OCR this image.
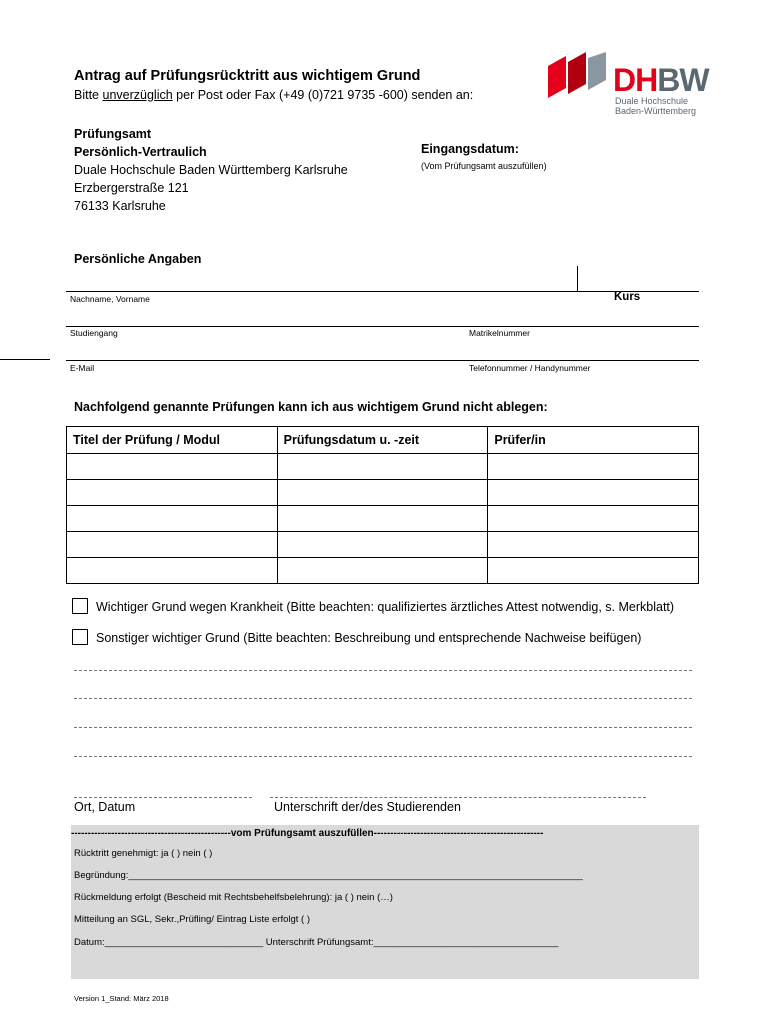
Antrag auf Prüfungsrücktritt aus wichtigem Grund
Bitte unverzüglich per Post oder Fax (+49 (0)721 9735 -600) senden an:	DHBW
Duale Hochschule
Baden-Württemberg
Prüfungsamt
Persönlich-Vertraulich
Duale Hochschule Baden Württemberg Karlsruhe
Erzbergerstraße 121
76133 Karlsruhe
Eingangsdatum:
(Vom Prüfungsamt auszufüllen)
Persönliche Angaben
Kurs
Nachname, Vorname
Studiengang	Matrikelnummer
E-Mail	Telefonnummer / Handynummer
Nachfolgend genannte Prüfungen kann ich aus wichtigem Grund nicht ablegen:
Titel der Prüfung / Modul	Prüfungsdatum u. -zeit	Prüfer/in

Wichtiger Grund wegen Krankheit (Bitte beachten: qualifiziertes ärztliches Attest notwendig, s. Merkblatt)
Sonstiger wichtiger Grund (Bitte beachten: Beschreibung und entsprechende Nachweise beifügen)
Ort, Datum	Unterschrift der/des Studierenden
------------------------------------------------vom Prüfungsamt auszufüllen---------------------------------------------------
Rücktritt genehmigt: ja ( ) nein ( )
Begründung:______________________________________________________________________________________
Rückmeldung erfolgt (Bescheid mit Rechtsbehelfsbelehrung): ja ( ) nein (…)
Mitteilung an SGL, Sekr.,Prüfling/ Eintrag Liste erfolgt ( )
Datum:______________________________ Unterschrift Prüfungsamt:___________________________________
Version 1_Stand: März 2018
